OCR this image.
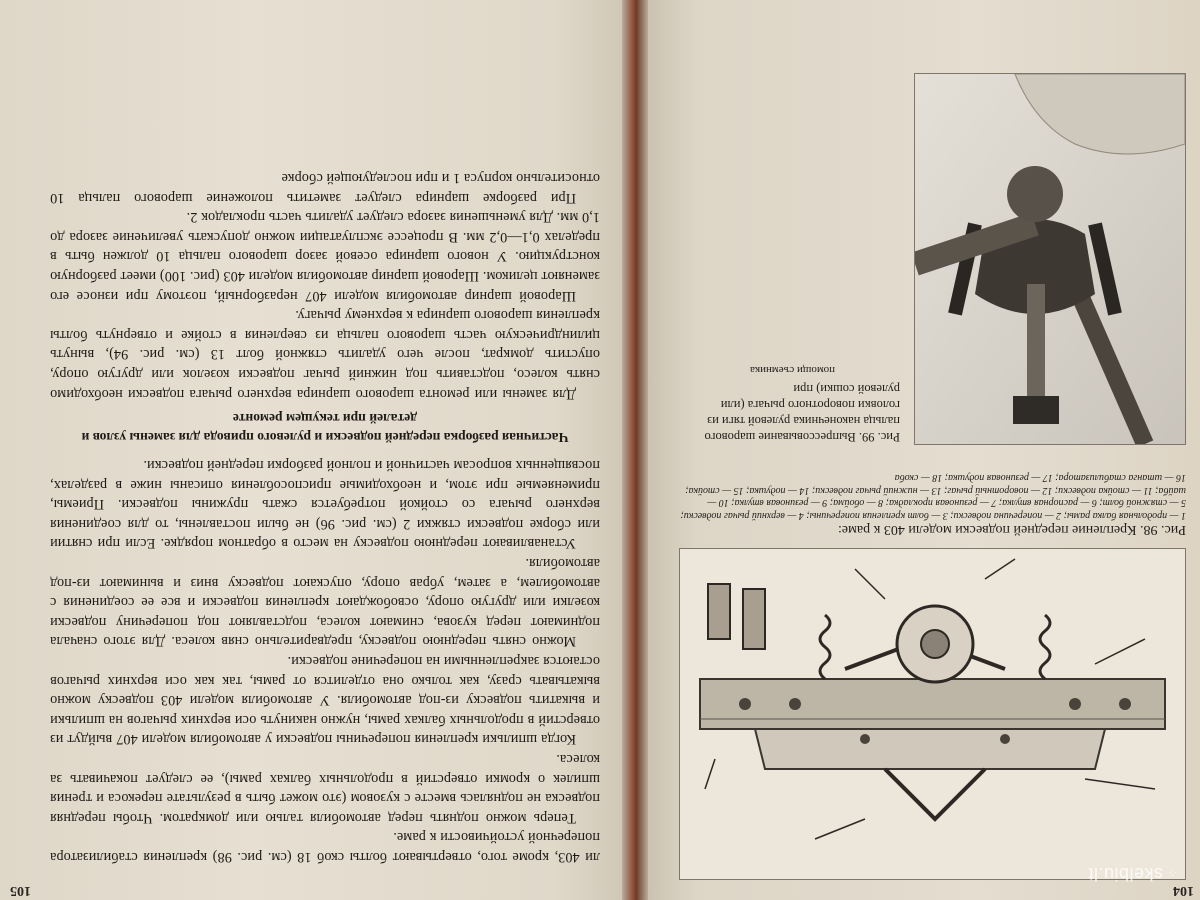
104
Рис. 98. Крепление передней подвески модели 403 к раме:
1 — продольная балка рамы; 2 — поперечина подвески; 3 — болт крепления поперечины; 4 — верхний рычаг подвески; 5 — стяжной болт; 6 — распорная втулка; 7 — резиновая прокладка; 8 — обойма; 9 — резиновая втулка; 10 — шайба; 11 — стойка подвески; 12 — поворотный рычаг; 13 — нижний рычаг подвески; 14 — подушка; 15 — стойка; 16 — штанга стабилизатора; 17 — резиновая подушка; 18 — скоба
Рис. 99. Выпрессовывание шарового пальца наконечника рулевой тяги из головки поворотного рычага (или рулевой сошки) при
помощи съемника
105

ли 403, кроме того, отвертывают болты скоб 18 (см. рис. 98) крепления стабилизатора поперечной устойчивости к раме.

Теперь можно поднять перед автомобиля талью или домкратом. Чтобы передняя подвеска не поднялась вместе с кузовом (это может быть в результате перекоса и трения шпилек о кромки отверстий в продольных балках рамы), ее следует покачивать за колеса.

Когда шпильки крепления поперечины подвески у автомобиля модели 407 выйдут из отверстий в продольных балках рамы, нужно накинуть оси верхних рычагов на шпильки и выкатить подвеску из-под автомобиля. У автомобиля модели 403 подвеску можно выкатывать сразу, как только она отделится от рамы, так как оси верхних рычагов остаются закрепленными на поперечине подвески.

Можно снять переднюю подвеску, предварительно сняв колеса. Для этого сначала поднимают перед кузова, снимают колеса, подставляют под поперечину подвески козелки или другую опору, освобождают крепления подвески и все ее соединения с автомобилем, а затем, убрав опору, опускают подвеску вниз и вынимают из-под автомобиля.

Устанавливают переднюю подвеску на место в обратном порядке. Если при снятии или сборке подвески стяжки 2 (см. рис. 96) не были поставлены, то для соединения верхнего рычага со стойкой потребуется сжать пружины подвески. Приемы, применяемые при этом, и необходимые приспособления описаны ниже в разделах, посвященных вопросам частичной и полной разборки передней подвески.

Частичная разборка передней подвески и рулевого привода для замены узлов и деталей при текущем ремонте

Для замены или ремонта шарового шарнира верхнего рычага подвески необходимо снять колесо, подставить под нижний рычаг подвески козелок или другую опору, опустить домкрат, после чего удалить стяжной болт 13 (см. рис. 94), вынуть цилиндрическую часть шарового пальца из сверления в стойке и отвернуть болты крепления шарового шарнира к верхнему рычагу.

Шаровой шарнир автомобиля модели 407 неразборный, поэтому при износе его заменяют целиком. Шаровой шарнир автомобиля модели 403 (рис. 100) имеет разборную конструкцию. У нового шарнира осевой зазор шарового пальца 10 должен быть в пределах 0,1—0,2 мм. В процессе эксплуатации можно допускать увеличение зазора до 1,0 мм. Для уменьшения зазора следует удалить часть прокладок 2.

При разборке шарнира следует заметить положение шарового пальца 10 относительно корпуса 1 и при последующей сборке

⁘skelbiu.lt
